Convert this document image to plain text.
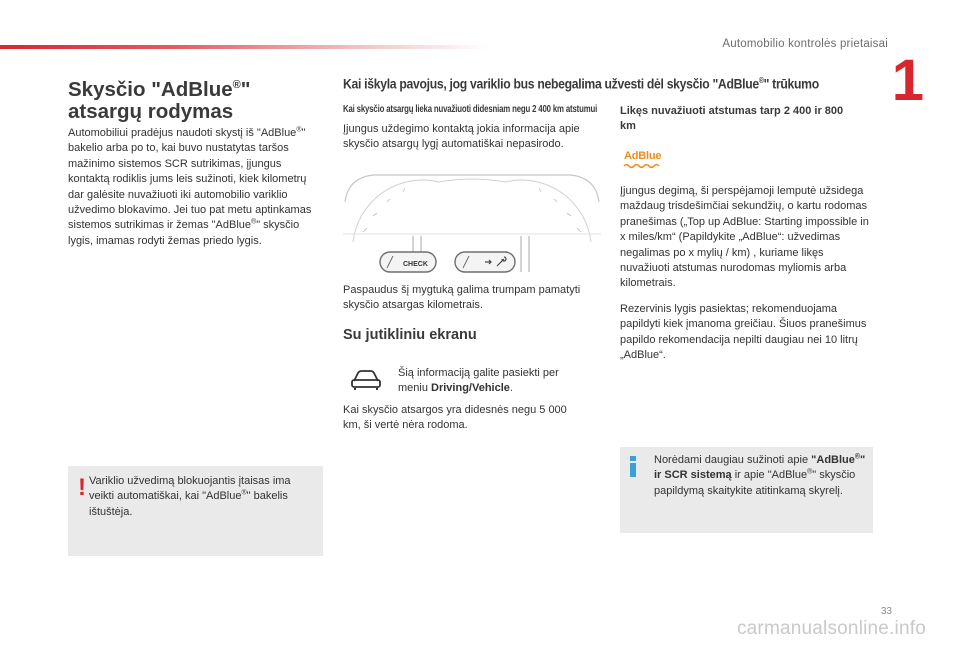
Automobilio kontrolės prietaisai
1
Skysčio "AdBlue®" atsargų rodymas
Automobiliui pradėjus naudoti skystį iš "AdBlue®" bakelio arba po to, kai buvo nustatytas taršos mažinimo sistemos SCR sutrikimas, įjungus kontaktą rodiklis jums leis sužinoti, kiek kilometrų dar galėsite nuvažiuoti iki automobilio variklio užvedimo blokavimo. Jei tuo pat metu aptinkamas sistemos sutrikimas ir žemas "AdBlue®" skysčio lygis, imamas rodyti žemas priedo lygis.
! Variklio užvedimą blokuojantis įtaisas ima veikti automatiškai, kai "AdBlue®" bakelis ištuštėja.
Kai iškyla pavojus, jog variklio bus nebegalima užvesti dėl skysčio "AdBlue®" trūkumo
Kai skysčio atsargų lieka nuvažiuoti didesniam negu 2 400 km atstumui
Įjungus uždegimo kontaktą jokia informacija apie skysčio atsargų lygį automatiškai nepasirodo.
CHECK
Paspaudus šį mygtuką galima trumpam pamatyti skysčio atsargas kilometrais.
Su jutikliniu ekranu
Šią informaciją galite pasiekti per meniu Driving/Vehicle.
Kai skysčio atsargos yra didesnės negu 5 000 km, ši vertė nėra rodoma.
Likęs nuvažiuoti atstumas tarp 2 400 ir 800 km
AdBlue
Įjungus degimą, ši perspėjamoji lemputė užsidega maždaug trisdešimčiai sekundžių, o kartu rodomas pranešimas („Top up AdBlue: Starting impossible in x miles/km“ (Papildykite „AdBlue“: užvedimas negalimas po x mylių / km) , kuriame likęs nuvažiuoti atstumas nurodomas myliomis arba kilometrais.
Rezervinis lygis pasiektas; rekomenduojama papildyti kiek įmanoma greičiau. Šiuos pranešimus papildo rekomendacija nepilti daugiau nei 10 litrų „AdBlue“.
Norėdami daugiau sužinoti apie "AdBlue®" ir SCR sistemą ir apie "AdBlue®" skysčio papildymą skaitykite atitinkamą skyrelį.
33
carmanualsonline.info
